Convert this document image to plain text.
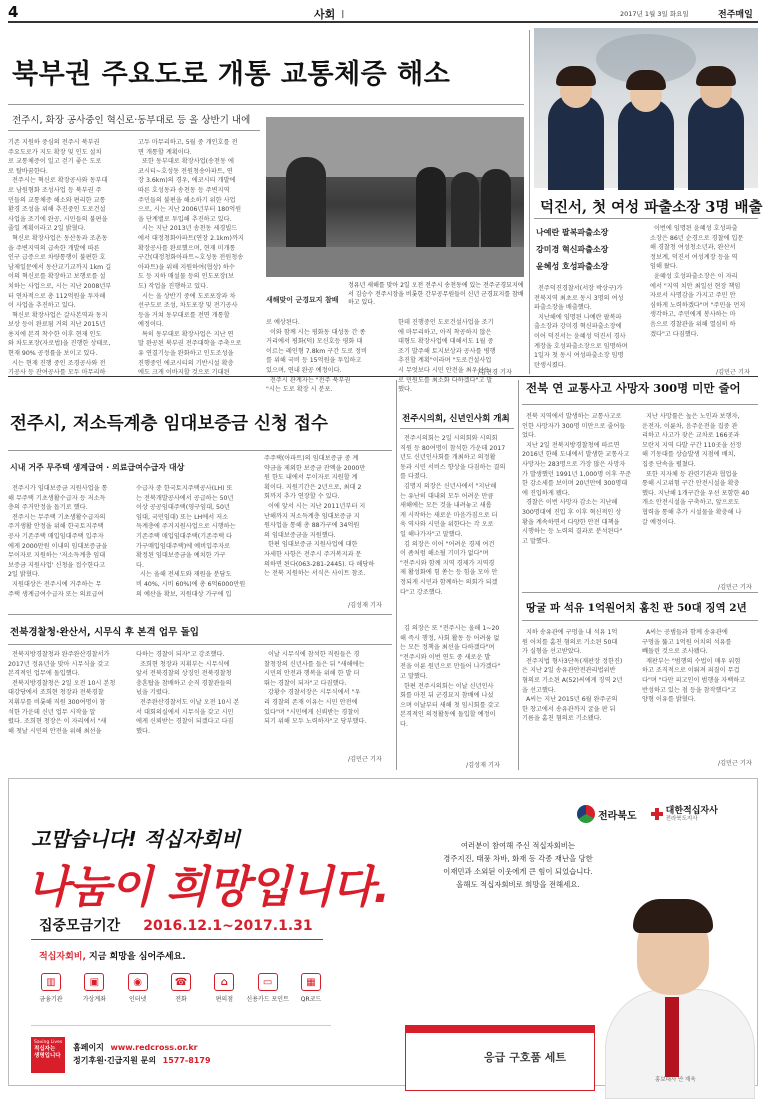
4	사회 I	2017년 1월 3일 화요일	전주매일
북부권 주요도로 개통 교통체증 해소
전주시, 화장 공사중인 혁신로·동부대로 등 올 상반기 내에
기존 지원하 중심의 전주시 북부권
주요도로가 지도 확장 및 인도 설치
로 교통체증이 일고 걷기 좋은 도로
로 탈바꿈한다.
전주시는 혁신로 확장공사와 동부대
로 남원형화 조성사업 등 북부권 주
민들의 교통체증 해소와 편리한 교통
환경 조성을 위해 추진중인 도로건설
사업을 조기에 완공, 시민들의 불편을
줄일 계획이라고 2일 밝혔다.
혁신로 확장사업은 동산동과 조촌동
을 주변지역의 급속한 개발에 따른
인구 급증으로 차량통행이 불편한 호
남제일문에서 동산교기교까지 1km 길
이의 혁신로를 확장하고 보행로를 설
치하는 사업으로, 시는 지난 2008년부
터 연차적으로 총 112억원을 투자해
이 사업을 추진하고 있다.
혁신로 확장사업은 갈사본역과 동지
보상 등이 완료됨 거의 지난 2015년
용지에 본격 착수한 이후 현재 인도
와 차도포장(자로법)을 진행한 상태로,
현재 90% 공정률을 보이고 있다.
시는 현재 진행 중인 조경공사와 전
기공사 등 잔여공사를 모두 마무리하
고두 마무리하고, 5월 중 개인호를 전
면 개통할 계획이다.
또한 동부대로 확장사업(송천동 에
코시티~호성동 전원청송아파트, 연
장 3.6km)의 경우, 에코시티 개발에
따른 호성동과 송천동 등 주변지역
주민들의 불편을 해소하기 위한 사업
으로, 시는 지난 2006년부터 180억원
을 단계별로 투입해 추진하고 있다.
시는 지난 2013년 송천동 세경빌드
에서 대정청화아파트(연장 2.1km)까지
확장공사를 완료했으며, 현재 미개통
구간(대정청화아파트~호성동 전원청송
아파트)을 위해 지원하여(협상) 하수
도 등 지하 매설물 등의 인도포장(보
도) 작업을 진행하고 있다.
시는 올 상반기 중에 도로포장과 차
선구도로 조성, 차도포장 및 전기공사
등을 거쳐 동부대로를 전면 개통할
예정이다.
특히 동부대로 확장사업은 지난 연
말 완공된 북부권 전주대학을 주축으로
유 연결기능을 완화하고 인도조성을
진행중인 에코시티의 기반시설 확충
에도 크게 이바지할 것으로 기대된
새해맞이 군경묘지 참배
정유년 새해를 맞아 2일 오전 전주시 송천동에 있는 전주군경묘지에서 김승수 전주시장을 비롯한 간부공무원들이 신년 군경묘지를 참배하고 있다.
로 예상된다.
이와 함께 시는 평화동 대성동 간 종
거리에서 평화(덕) 모신호등 평화 대
이르는 레인형 7.8km 구간 도로 정비
를 위해 국비 등 15억원을 투입하고
있으며, 연내 완공 예정이다.
전주시 관계자는 "전주 북부권
"시는 도로 확장 시 분포.
한데 진행중인 도로건설사업을 조기
에 마무리하고, 아직 착공하지 않은
대형도 확장사업에 대해서도 1월 중
조기 발주해 토지보상과 공사를 병행
추진할 계획"이라며 "도로건설사업
시 무엇보다 시민 안전을 최우선으
로 민원도를 최소화 다하겠다"고 말
했다.
/김현경 기자
덕진서, 첫 여성 파출소장 3명 배출
나예란 팔복파출소장
강미경 혁신파출소장
윤혜성 호성파출소장
전주덕진경찰서(서장 박상구)가
전북지역 최초로 동시 3명의 여성
파출소장을 배출했다.
지난해에 임명된 나예란 팔복파
출소장과 강미경 혁신파출소장에
이어 덕진서는 윤혜성 덕진서 경사
계장을 호성파출소장으로 임명하며
1일자 첫 동시 여성파출소장 임명
탄생시켰다.
이번에 임명된 윤혜성 호성파출
소장은 86년 순경으로 경찰에 입문
해 경찰청 여성청소년과, 완산서
정보계, 덕진서 여성계장 등을 역
임해 왔다.
윤혜성 호성파출소장은 이 자리
에서 "지역 치안 최일선 현장 책임
자로서 사명감을 가지고 주민 안
심하게 노력하겠다"며 "주민을 먼저
생각하고, 주민에게 봉사하는 마
음으로 경찰관을 위해 열심히 하
겠다"고 다짐했다.
/김민근 기자
전주시, 저소득계층 임대보증금 신청 접수
시내 거주 무주택 생계급여 · 의료급여수급자 대상
전주시가 임대보증금 지원사업을 통
해 무주택 기초생활수급자 등 저소득
층의 주거안정을 돕기로 했다.
전주시는 무주택 기초생활수급자의
주거생활 안정을 위해 한국토지주택
공사 기존주택 매입임대주택 입주자
에게 2000만원 이내의 임대보증금을
무이자로 지원하는 '저소득계층 임대
보증금 지원사업' 신청을 접수한다고
2일 밝혔다.
지원대상은 전주시에 거주하는 무
주택 생계급여수급자 또는 의료급여
수급자 중 한국토지주택공사(LH) 또
는 전북개발공사에서 공급하는 50년
이상 공공임대주택(영구임대, 50년
임대, 국민임대) 또는 LH에서 저소
득계층에 주거지원사업으로 시행하는
기존주택 매입임대주택(기존주택 다
가구매입임대주택)에 예비입주자로
확정된 임대보증금을 예치한 가구
다.
시는 올해 전세도와 재원을 분담도
비 40%, 시비 60%)에 총 6억6000만원
의 예산을 확보, 지원대상 가구에 입
주주택(아파트)의 임대보증금 중 계
약금을 제외한 보증금 잔액을 2000만
원 한도 내에서 무이자로 지원할 계
획이다. 지원기간은 2년으로, 최대 2
회까지 추가 연장할 수 있다.
이에 앞서 시는 지난 2011년부터 지
난해까지 저소득계층 임대보증금 지
원사업을 통해 총 88가구에 34억원
의 임대보증금을 지원했다.
한편 임대보증금 지원사업에 대한
자세한 사항은 전주시 주거복지과 문
의하면 된다(063-281-2445). 다 해당하
는 전북 지원하는 서식은 사이트 참조.
/김성재 기자
전주시의회, 신년인사회 개최
전주시의회는 2일 시의회와 시의회
직원 등 80여명이 참석한 가운데 2017
년도 신년인사회를 개최하고 의정활
동과 시민 서비스 향상을 다짐하는 결의
를 다졌다.
김명지 의장은 신년사에서 "지난해
는 유난히 대내외 모두 어려운 만큼
새해에는 모든 것을 내려놓고 새롭
게 시작하는 새로운 마음가짐으로 더
욱 역사와 시민을 위한다는 각 오로
일 해나가자"고 말했다.
김 의장은 이어 "어려운 경제 여건
이 좀처럼 해소될 기미가 없다"며
"전주시와 함께 지역 경제가 지역경
제 활성화에 힘 쏟는 등 힘을 모아 안
정되게 시민과 함께하는 의회가 되겠
다"고 강조했다.
김 의장은 또 "전주시는 올해 1~20
해 즉시 행정, 사회 활동 등 어려움 없
는 모든 정책을 최선을 다하겠다"며
"전주시와 이번 연도 중 새로운 발
전을 이룬 원년으로 만들어 나가겠다"
고 말했다.
한편 전주시의회는 이날 신년인사
회를 마친 뒤 군경묘지 참배에 나섰
으며 이날부터 새해 첫 임시회를 갖고
본격적인 의정활동에 돌입할 예정이
다.
/김성재 기자
전북 연 교통사고 사망자 300명 미만 줄어
전북 지역에서 발생하는 교통사고로
인한 사망자가 300명 미만으로 줄어들
었다.
지난 2일 전북지방경찰청에 따르면
2016년 한해 도내에서 발생한 교통사고
사망자는 283명으로 가장 많은 사망자
가 발생했던 1991년 1,000명 이후 꾸준
한 감소세를 보이며 20년만에 300명대
에 진입하게 됐다.
경찰은 이번 사망자 감소는 지난해
300명대에 진입 후 이후 혁신적인 상
황을 계속하면서 다양한 안전 대책을
시행하는 등 노력의 결과로 분석된다"
고 말했다.
지난 사망률은 높은 노인과 보행자,
운전자, 이륜차, 음주운전을 집중 관
리하고 사고가 잦은 교차로 166곳과
모란지 지역 다발 구간 110곳을 선정
해 기동대를 상습발생 지점에 배치,
집중 단속을 펼쳤다.
또한 지자체 등 관련기관과 협업을
통해 시고위험 구간 안전시설을 확충
했다. 지난해 1개구간을 우선 포함한 40
개소 안전시설을 구축하고, 앞으로도
협력을 통해 추가 시설물을 확충해 나
갈 예정이다.
/김민근 기자
땅굴 파 석유 1억원어치 훔친 판 50대 징역 2년
지하 송유관에 구멍을 내 석유 1억
원 어치를 훔친 혐의로 기소된 50대
가 실형을 선고받았다.
전주지법 형사3단독(재판장 정한진)
은 지난 2일 송유관안전관리법위반
혐의로 기소된 A(52)씨에게 징역 2년
을 선고했다.
A씨는 지난 2015년 6월 완주군의
한 창고에서 송유관까지 굴을 판 뒤
기름을 훔친 혐의로 기소됐다.
A씨는 공범들과 함께 송유관에
구멍을 뚫고 1억원 어치의 석유를
빼돌린 것으로 조사됐다.
재판부는 "범행의 수법이 매우 위험
하고 조직적으로 이뤄져 죄질이 무겁
다"며 "다만 피고인이 범행을 자백하고
반성하고 있는 점 등을 참작했다"고
양형 이유를 밝혔다.
/김민근 기자
전북경찰청·완산서, 시무식 후 본격 업무 돌입
전북지방경찰청과 완주완산경찰서가
2017년 정유년을 맞아 시무식을 갖고
본격적인 업무에 돌입했다.
전북지방경찰청은 2일 오전 10시 본청
대강당에서 조희현 청장과 전북경찰
지휘부를 비롯해 직원 300여명이 참
석한 가운데 신년 업무 시작을 알
렸다. 조희현 청장은 이 자리에서 "새
해 첫날 시민의 안전을 위해 최선을
다하는 경찰이 되자"고 강조했다.
조희현 청장과 지휘부는 시무식에
앞서 전북경찰의 상징인 전북경찰청
충혼탑을 참배하고 순직 경찰관들의
넋을 기렸다.
전주완산경찰서도 이날 오전 10시 본
서 대회의실에서 시무식을 갖고 시민
에게 신뢰받는 경찰이 되겠다고 다짐
했다.
이날 시무식에 참석한 직원들은 경
찰청장의 신년사를 들은 뒤 "새해에는
시민의 안전과 행복을 위해 한 발 더
뛰는 경찰이 되자"고 다짐했다.
강황수 경찰서장은 시무식에서 "우
리 경찰의 존재 이유는 시민 안전에
있다"며 "시민에게 신뢰받는 경찰이
되기 위해 모두 노력하자"고 당부했다.
/김민근 기자
고맙습니다! 적십자회비
나눔이 희망입니다.
집중모금기간 2016.12.1~2017.1.31
적십자회비, 지금 희망을 심어주세요.
▥
금융기관
▣
가상계좌
◉
인터넷
☎
전화
⌂
편의점
▭
신용카드 포인트
▦
QR코드
Saving Lives
적십자는
생명입니다
홈페이지 www.redcross.or.kr
정기후원·긴급지원 문의 1577-8179
전라북도	대한적십자사
전라북도지사
여러분이 참여해 주신 적십자회비는
경주지진, 태풍 차바, 화재 등 각종 재난을 당한
이재민과 소외된 이웃에게 큰 힘이 되었습니다.
올해도 적십자회비로 희망을 전해세요.
응급 구호품 세트
홍보대사 안 재욱
